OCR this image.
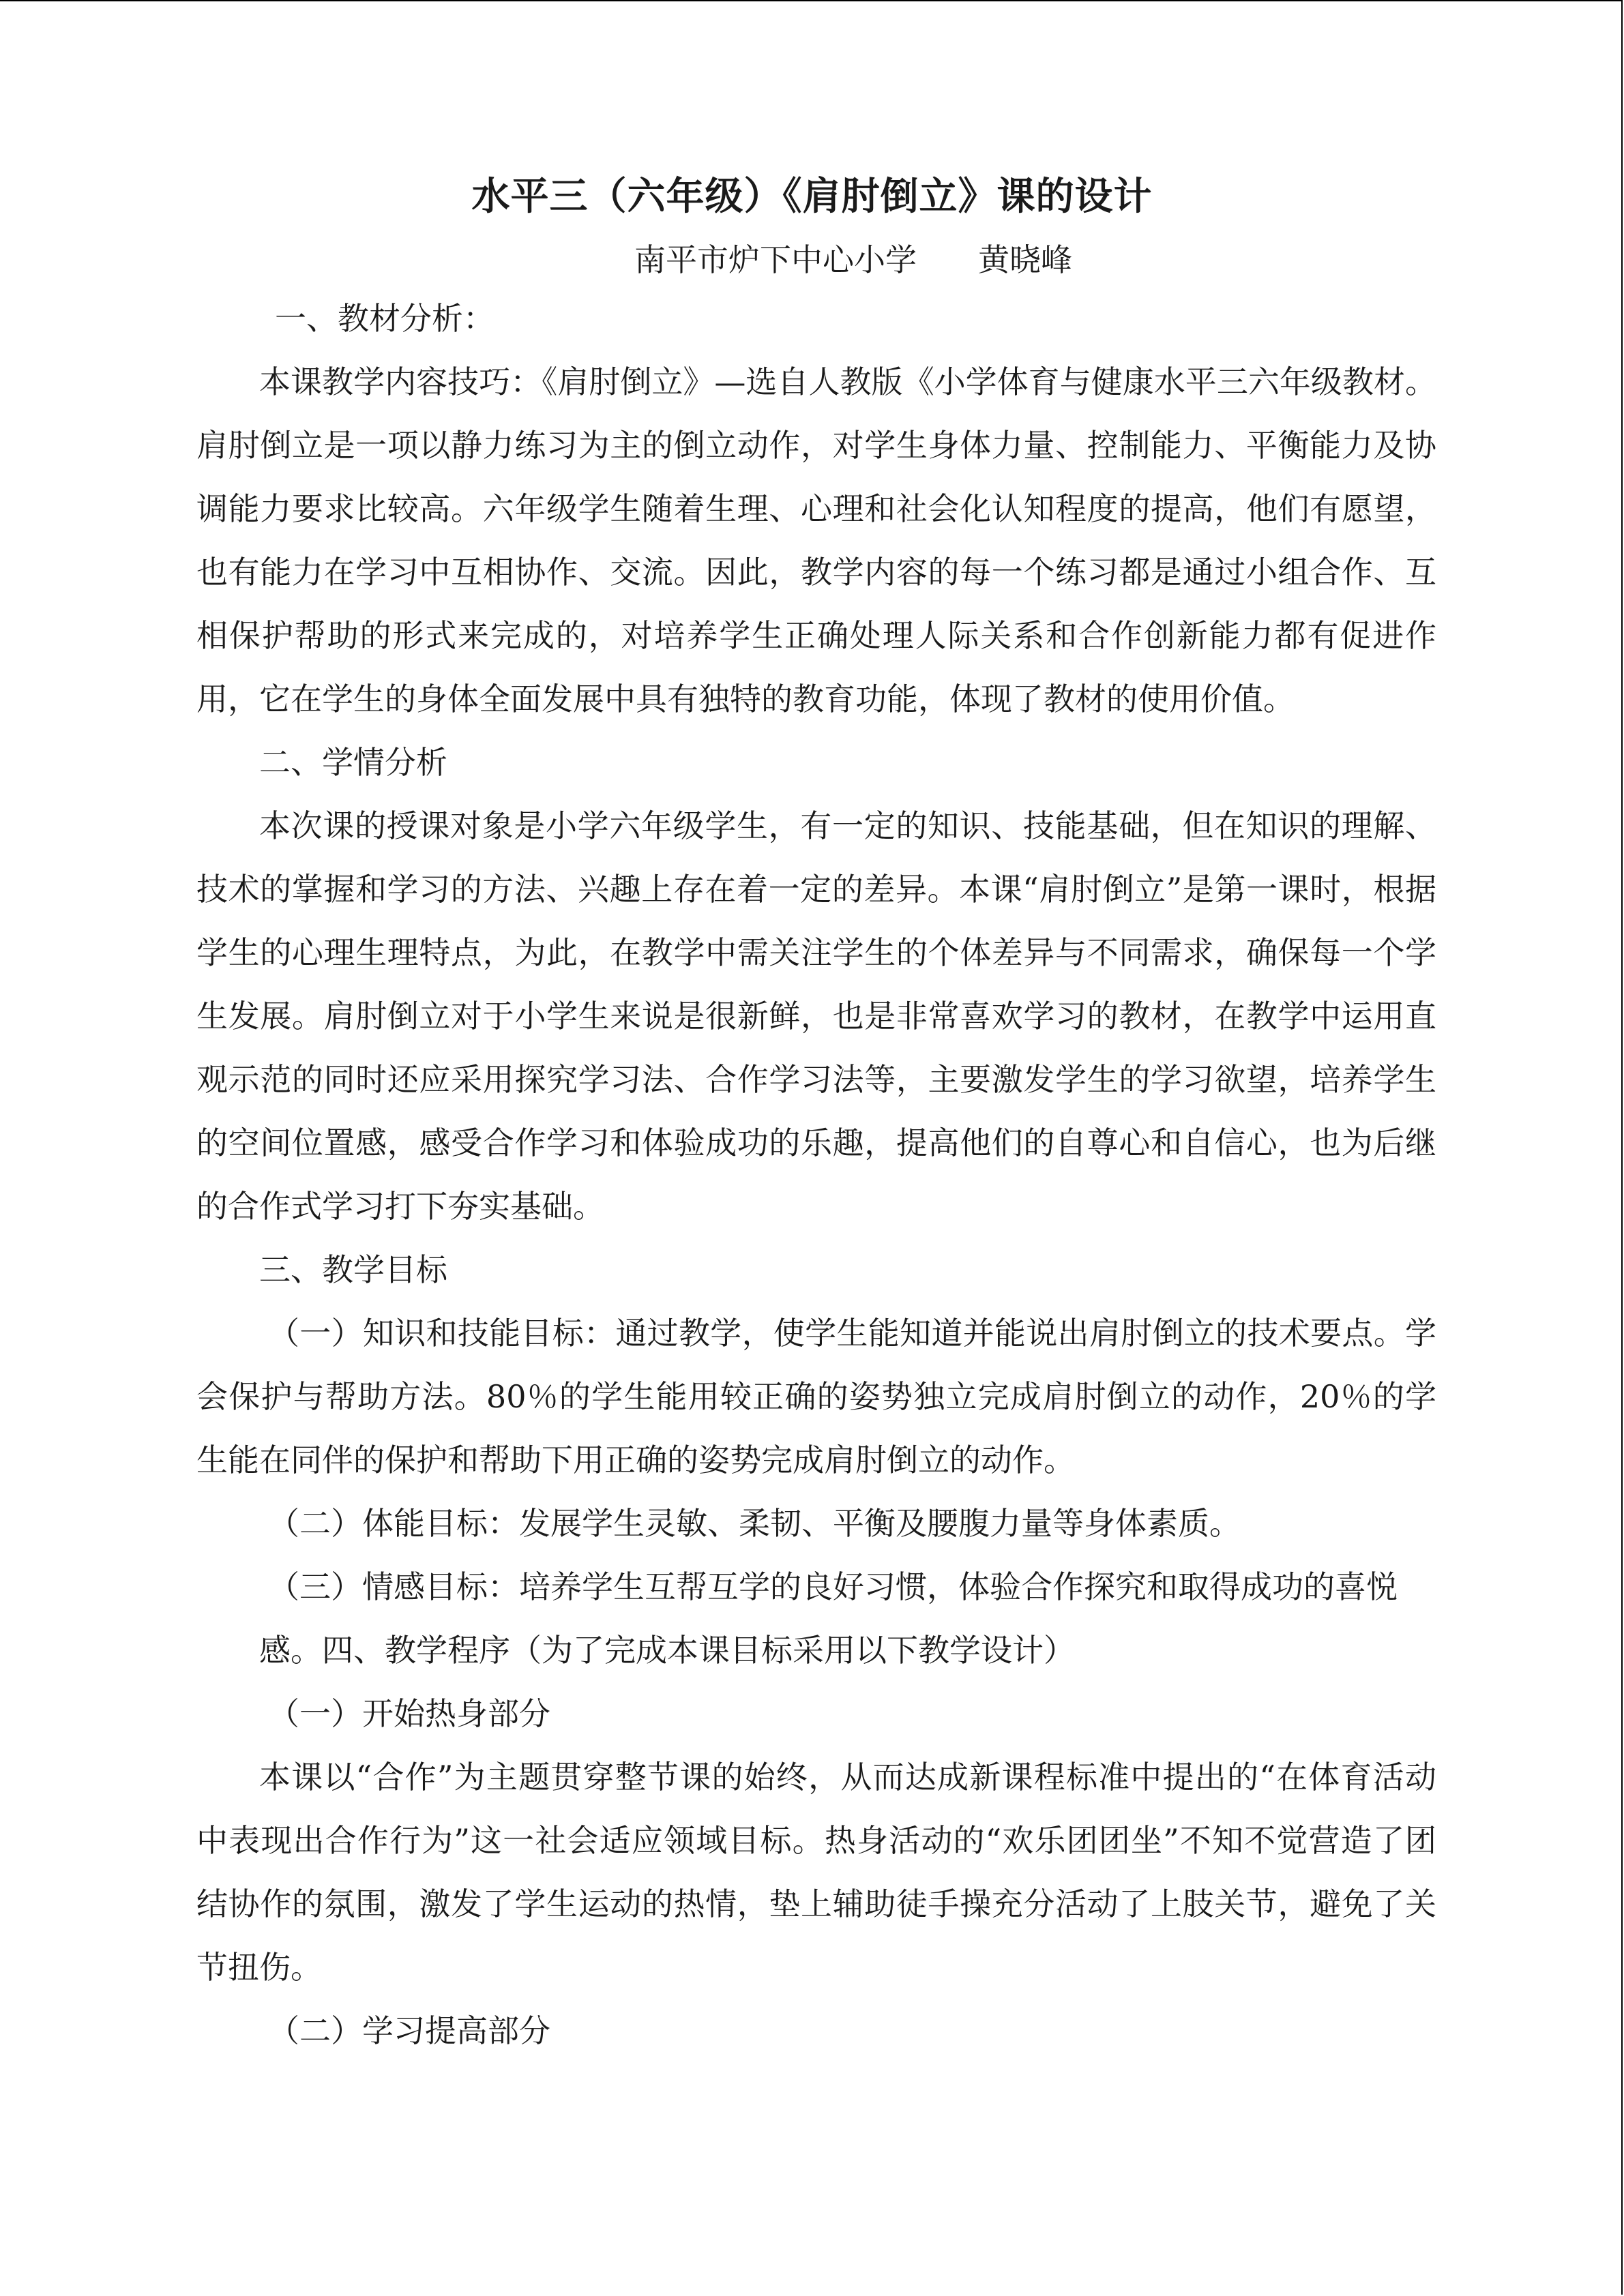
水平三（六年级）《肩肘倒立》课的设计
南平市炉下中心小学 黄晓峰

一、教材分析：

本课教学内容技巧：《肩肘倒立》—选自人教版《小学体育与健康水平三六年级教材。肩肘倒立是一项以静力练习为主的倒立动作，对学生身体力量、控制能力、平衡能力及协调能力要求比较高。六年级学生随着生理、心理和社会化认知程度的提高，他们有愿望，也有能力在学习中互相协作、交流。因此，教学内容的每一个练习都是通过小组合作、互相保护帮助的形式来完成的，对培养学生正确处理人际关系和合作创新能力都有促进作用，它在学生的身体全面发展中具有独特的教育功能，体现了教材的使用价值。

二、学情分析

本次课的授课对象是小学六年级学生，有一定的知识、技能基础，但在知识的理解、技术的掌握和学习的方法、兴趣上存在着一定的差异。本课“肩肘倒立”是第一课时，根据学生的心理生理特点，为此，在教学中需关注学生的个体差异与不同需求，确保每一个学生发展。肩肘倒立对于小学生来说是很新鲜，也是非常喜欢学习的教材，在教学中运用直观示范的同时还应采用探究学习法、合作学习法等，主要激发学生的学习欲望，培养学生的空间位置感，感受合作学习和体验成功的乐趣，提高他们的自尊心和自信心，也为后继的合作式学习打下夯实基础。

三、教学目标

（一）知识和技能目标：通过教学，使学生能知道并能说出肩肘倒立的技术要点。学会保护与帮助方法。80％的学生能用较正确的姿势独立完成肩肘倒立的动作，20％的学生能在同伴的保护和帮助下用正确的姿势完成肩肘倒立的动作。

（二）体能目标：发展学生灵敏、柔韧、平衡及腰腹力量等身体素质。

（三）情感目标：培养学生互帮互学的良好习惯，体验合作探究和取得成功的喜悦

感。四、教学程序（为了完成本课目标采用以下教学设计）

（一）开始热身部分

本课以“合作”为主题贯穿整节课的始终，从而达成新课程标准中提出的“在体育活动中表现出合作行为”这一社会适应领域目标。热身活动的“欢乐团团坐”不知不觉营造了团结协作的氛围，激发了学生运动的热情，垫上辅助徒手操充分活动了上肢关节，避免了关节扭伤。

（二）学习提高部分
